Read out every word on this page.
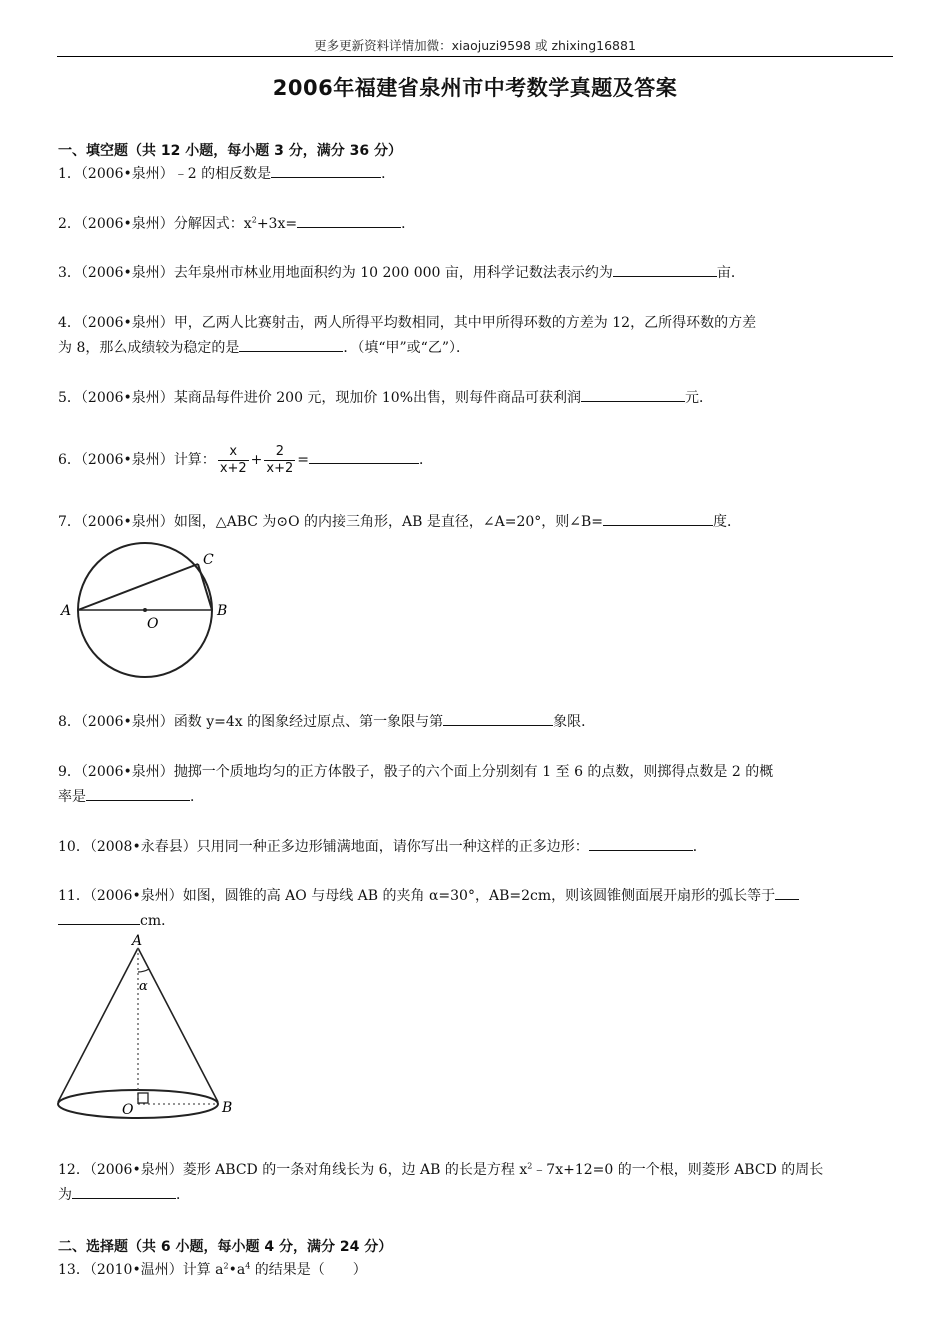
更多更新资料详情加微：xiaojuzi9598 或 zhixing16881
2006年福建省泉州市中考数学真题及答案
一、填空题（共 12 小题，每小题 3 分，满分 36 分）
1．（2006•泉州）﹣2 的相反数是	．
2．（2006•泉州）分解因式：$x^2+3x=$	．
3．（2006•泉州）去年泉州市林业用地面积约为 10 200 000 亩，用科学记数法表示约为	亩．
4．（2006•泉州）甲，乙两人比赛射击，两人所得平均数相同，其中甲所得环数的方差为 12，乙所得环数的方差
为 8，那么成绩较为稳定的是	．（填“甲”或“乙”）．
5．（2006•泉州）某商品每件进价 200 元，现加价 10%出售，则每件商品可获利润	元．
6．（2006•泉州）计算： $\frac{x}{x+2} + \frac{2}{x+2}$ =	．
7．（2006•泉州）如图，△ABC 为⊙O 的内接三角形，AB 是直径，∠A=20°，则∠B=	度．
A	B
C
O
8．（2006•泉州）函数 y=4x 的图象经过原点、第一象限与第	象限．
9．（2006•泉州）抛掷一个质地均匀的正方体骰子，骰子的六个面上分别刻有 1 至 6 的点数，则掷得点数是 2 的概
率是	．
10．（2008•永春县）只用同一种正多边形铺满地面，请你写出一种这样的正多边形：	．
11．（2006•泉州）如图，圆锥的高 AO 与母线 AB 的夹角 α=30°，AB=2cm，则该圆锥侧面展开扇形的弧长等于
cm．
A
α
O	B
12．（2006•泉州）菱形 ABCD 的一条对角线长为 6，边 AB 的长是方程 $x^2﹣7x+12=0$ 的一个根，则菱形 ABCD 的周长
为	．
二、选择题（共 6 小题，每小题 4 分，满分 24 分）
13．（2010•温州）计算 $a^2•a^4$ 的结果是（　　）
